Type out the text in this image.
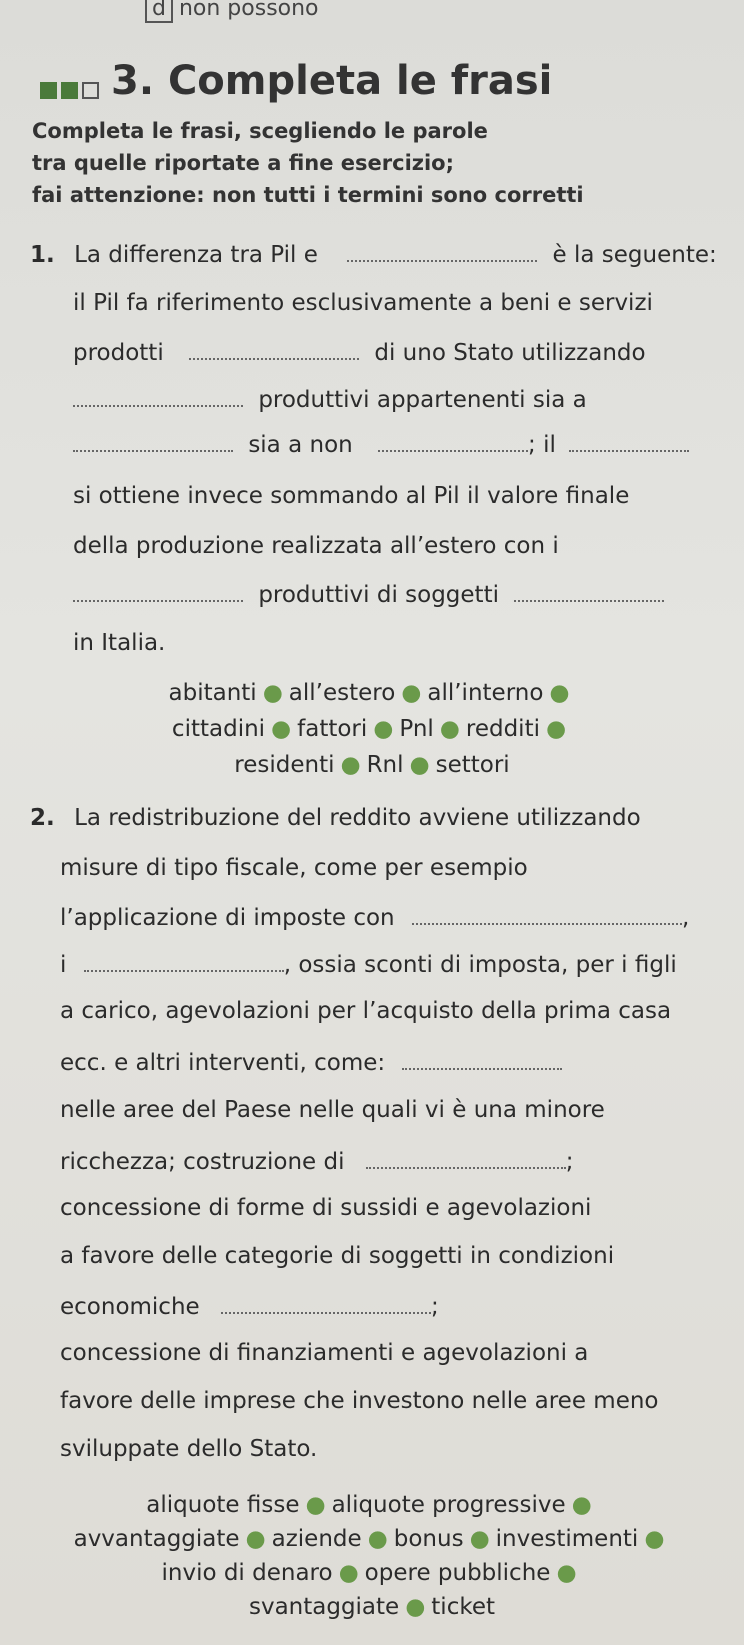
d non possono
3. Completa le frasi
Completa le frasi, scegliendo le parole
tra quelle riportate a fine esercizio;
fai attenzione: non tutti i termini sono corretti
1. La differenza tra Pil e	è la seguente:
il Pil fa riferimento esclusivamente a beni e servizi
prodotti	di uno Stato utilizzando
produttivi appartenenti sia a
sia a non	; il
si ottiene invece sommando al Pil il valore finale
della produzione realizzata all’estero con i
produttivi di soggetti
in Italia.
abitanti ● all’estero ● all’interno ●
cittadini ● fattori ● Pnl ● redditi ●
residenti ● Rnl ● settori
2. La redistribuzione del reddito avviene utilizzando
misure di tipo fiscale, come per esempio
l’applicazione di imposte con	,
i	, ossia sconti di imposta, per i figli
a carico, agevolazioni per l’acquisto della prima casa
ecc. e altri interventi, come:
nelle aree del Paese nelle quali vi è una minore
ricchezza; costruzione di	;
concessione di forme di sussidi e agevolazioni
a favore delle categorie di soggetti in condizioni
economiche	;
concessione di finanziamenti e agevolazioni a
favore delle imprese che investono nelle aree meno
sviluppate dello Stato.
aliquote fisse ● aliquote progressive ●
avvantaggiate ● aziende ● bonus ● investimenti ●
invio di denaro ● opere pubbliche ●
svantaggiate ● ticket
